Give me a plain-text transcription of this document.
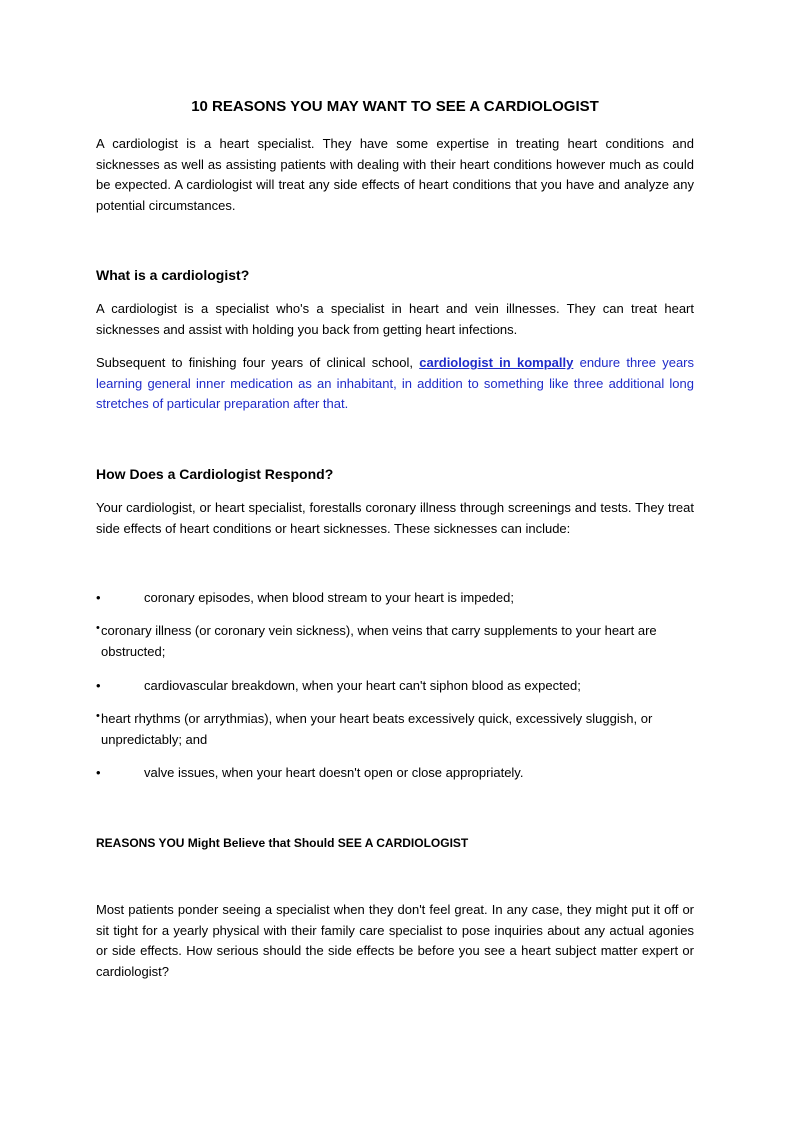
10 REASONS YOU MAY WANT TO SEE A CARDIOLOGIST

A cardiologist is a heart specialist. They have some expertise in treating heart conditions and sicknesses as well as assisting patients with dealing with their heart conditions however much as could be expected. A cardiologist will treat any side effects of heart conditions that you have and analyze any potential circumstances.

What is a cardiologist?

A cardiologist is a specialist who's a specialist in heart and vein illnesses. They can treat heart sicknesses and assist with holding you back from getting heart infections.

Subsequent to finishing four years of clinical school, cardiologist in kompally endure three years learning general inner medication as an inhabitant, in addition to something like three additional long stretches of particular preparation after that.

How Does a Cardiologist Respond?

Your cardiologist, or heart specialist, forestalls coronary illness through screenings and tests. They treat side effects of heart conditions or heart sicknesses. These sicknesses can include:

•	coronary episodes, when blood stream to your heart is impeded;
• coronary illness (or coronary vein sickness), when veins that carry supplements to your heart are obstructed;
•	cardiovascular breakdown, when your heart can't siphon blood as expected;
• heart rhythms (or arrythmias), when your heart beats excessively quick, excessively sluggish, or unpredictably; and
•	valve issues, when your heart doesn't open or close appropriately.
REASONS YOU Might Believe that Should SEE A CARDIOLOGIST

Most patients ponder seeing a specialist when they don't feel great. In any case, they might put it off or sit tight for a yearly physical with their family care specialist to pose inquiries about any actual agonies or side effects. How serious should the side effects be before you see a heart subject matter expert or cardiologist?
